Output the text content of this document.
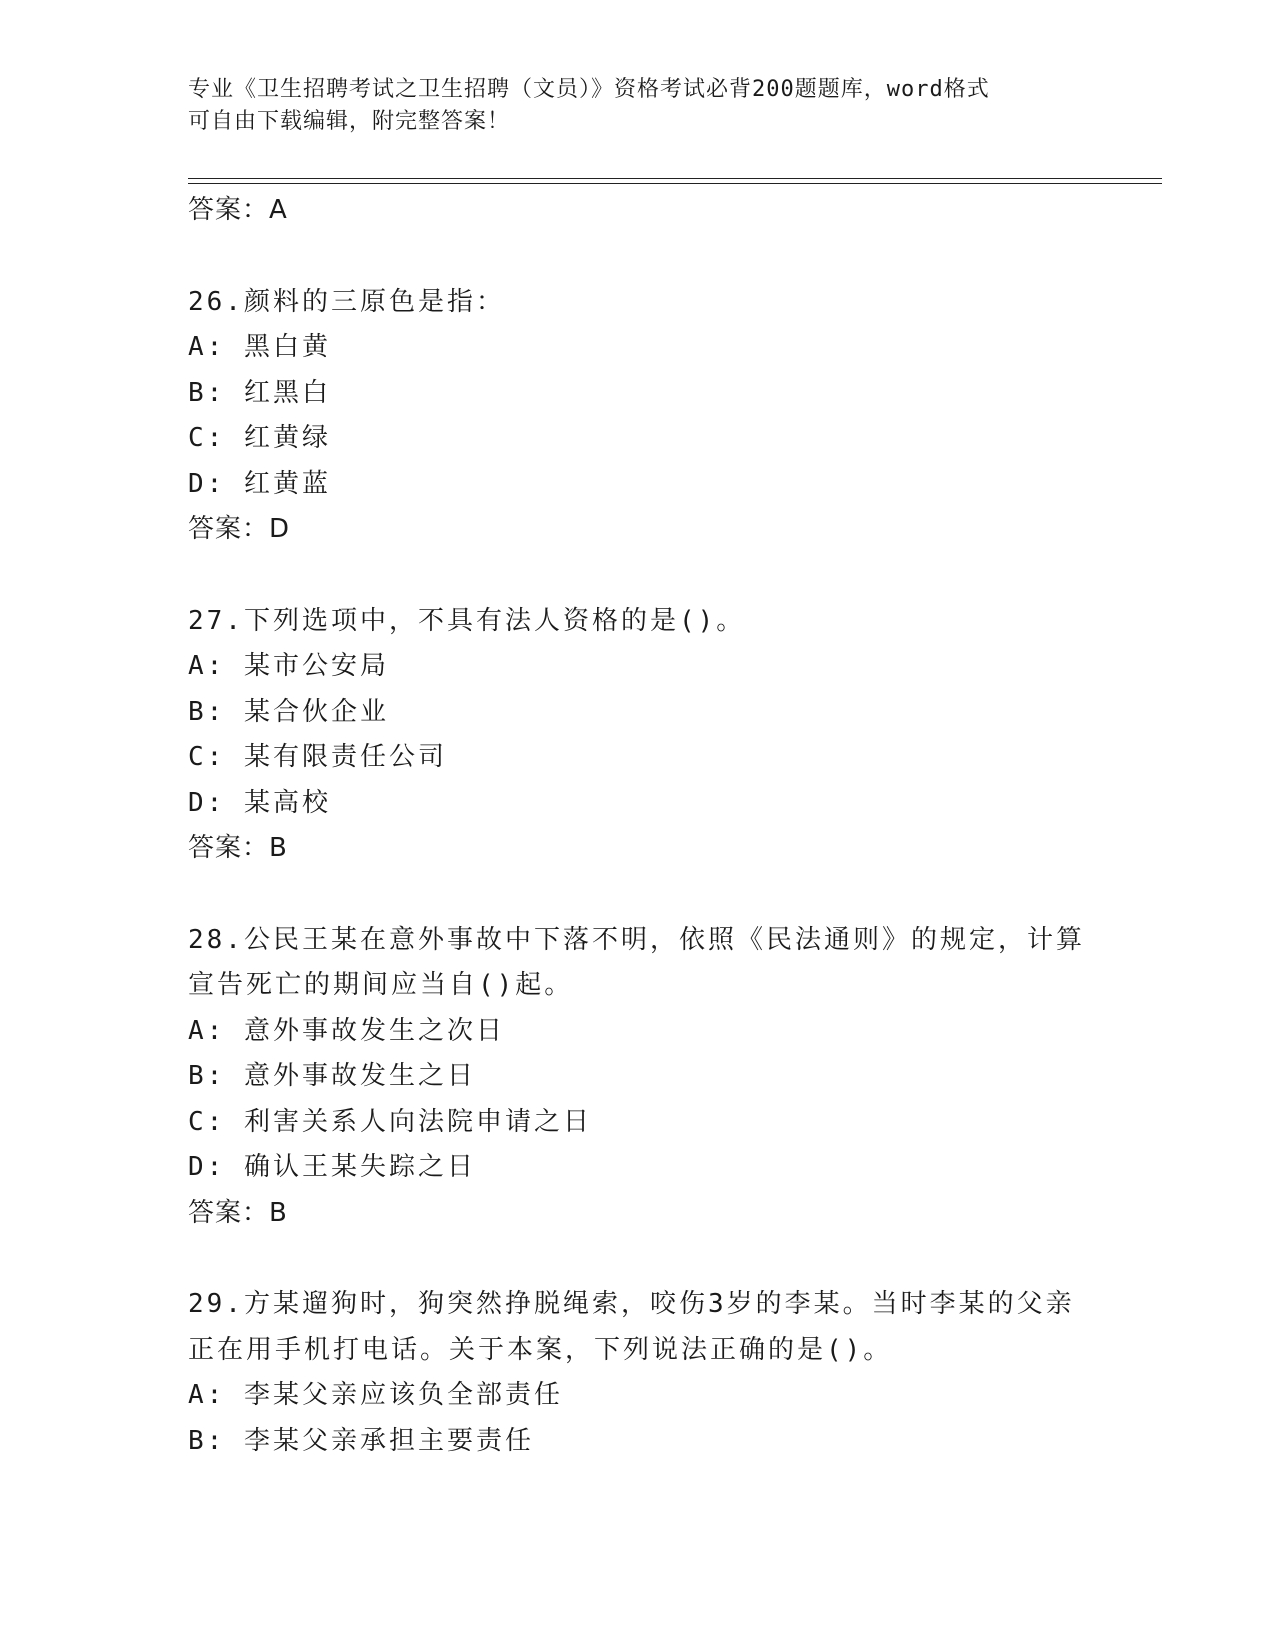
专业《卫生招聘考试之卫生招聘（文员）》资格考试必背200题题库，word格式
可自由下载编辑，附完整答案！
答案：A
26.颜料的三原色是指：
A: 黑白黄
B: 红黑白
C: 红黄绿
D: 红黄蓝
答案：D
27.下列选项中，不具有法人资格的是()。
A: 某市公安局
B: 某合伙企业
C: 某有限责任公司
D: 某高校
答案：B
28.公民王某在意外事故中下落不明，依照《民法通则》的规定，计算
宣告死亡的期间应当自()起。
A: 意外事故发生之次日
B: 意外事故发生之日
C: 利害关系人向法院申请之日
D: 确认王某失踪之日
答案：B
29.方某遛狗时，狗突然挣脱绳索，咬伤3岁的李某。当时李某的父亲
正在用手机打电话。关于本案，下列说法正确的是()。
A: 李某父亲应该负全部责任
B: 李某父亲承担主要责任
